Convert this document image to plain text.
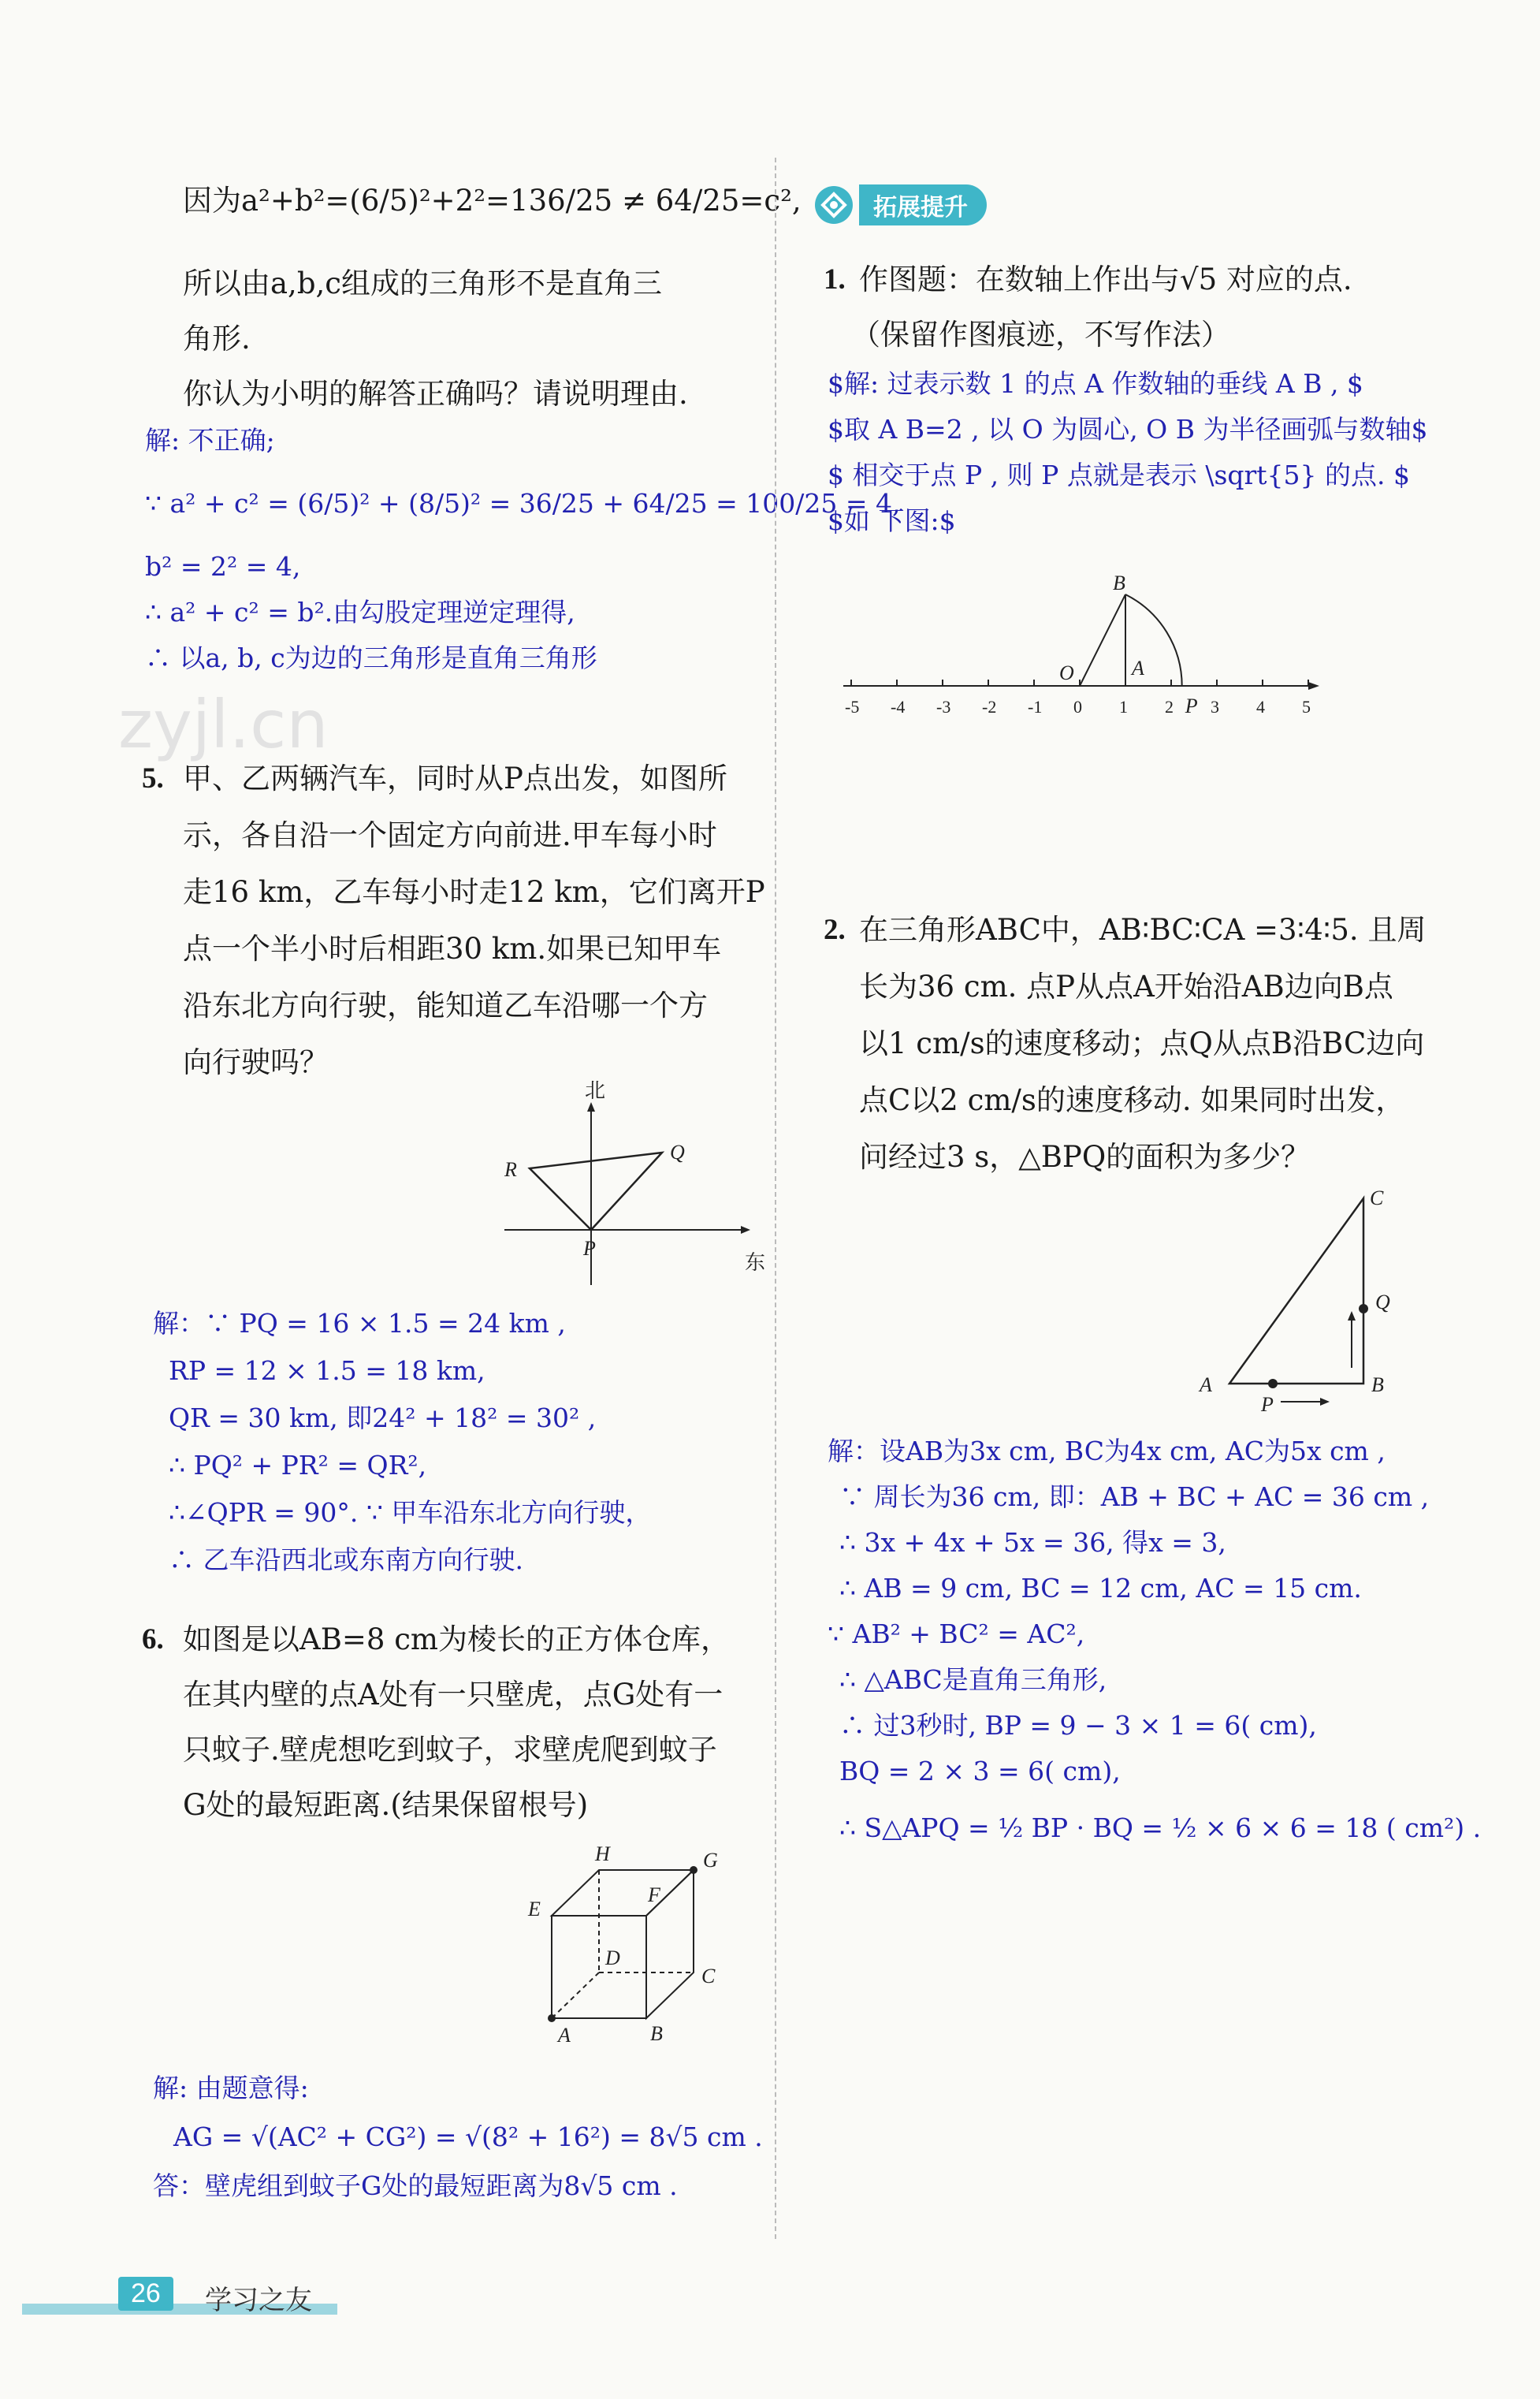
zyjl.cn
因为a²+b²=(6/5)²+2²=136/25 ≠ 64/25=c²,
所以由a,b,c组成的三角形不是直角三
角形.
你认为小明的解答正确吗？请说明理由.
解: 不正确;
∵ a² + c² = (6/5)² + (8/5)² = 36/25 + 64/25 = 100/25 = 4,
b² = 2² = 4,
∴ a² + c² = b².由勾股定理逆定理得,
∴ 以a, b, c为边的三角形是直角三角形
5. 甲、乙两辆汽车，同时从P点出发，如图所
示，各自沿一个固定方向前进.甲车每小时
走16 km，乙车每小时走12 km，它们离开P
点一个半小时后相距30 km.如果已知甲车
沿东北方向行驶，能知道乙车沿哪一个方
向行驶吗？
北
东
P
Q
R
解：∵ PQ = 16 × 1.5 = 24 km ,
RP = 12 × 1.5 = 18 km,
QR = 30 km, 即24² + 18² = 30² ,
∴ PQ² + PR² = QR²,
∴∠QPR = 90°. ∵ 甲车沿东北方向行驶，
∴ 乙车沿西北或东南方向行驶.
6. 如图是以AB=8 cm为棱长的正方体仓库，
在其内壁的点A处有一只壁虎，点G处有一
只蚊子.壁虎想吃到蚊子，求壁虎爬到蚊子
G处的最短距离.(结果保留根号)
A	B
C
D
E
F
G
H
解: 由题意得:
AG = √(AC² + CG²) = √(8² + 16²) = 8√5 cm .
答：壁虎组到蚊子G处的最短距离为8√5 cm .
拓展提升
1. 作图题：在数轴上作出与√5 对应的点.
（保留作图痕迹，不写作法）
$解: 过表示数 1 的点 A 作数轴的垂线 A B , $
$取 A B=2 , 以 O 为圆心, O B 为半径画弧与数轴$
$ 相交于点 P , 则 P 点就是表示 \sqrt{5} 的点. $
$如 下图:$
-5 -4 -3 -2 -1 0 1 2 3 4 5
O	A
B
P
2. 在三角形ABC中，AB∶BC∶CA =3∶4∶5. 且周
长为36 cm. 点P从点A开始沿AB边向B点
以1 cm/s的速度移动；点Q从点B沿BC边向
点C以2 cm/s的速度移动. 如果同时出发，
问经过3 s，△BPQ的面积为多少？
A	B
C
P
Q
解：设AB为3x cm, BC为4x cm, AC为5x cm ,
∵ 周长为36 cm, 即：AB + BC + AC = 36 cm ,
∴ 3x + 4x + 5x = 36, 得x = 3,
∴ AB = 9 cm, BC = 12 cm, AC = 15 cm.
∵ AB² + BC² = AC²,
∴ △ABC是直角三角形,
∴ 过3秒时, BP = 9 − 3 × 1 = 6( cm),
BQ = 2 × 3 = 6( cm),
∴ S△APQ = ½ BP · BQ = ½ × 6 × 6 = 18 ( cm²) .
26	学习之友
